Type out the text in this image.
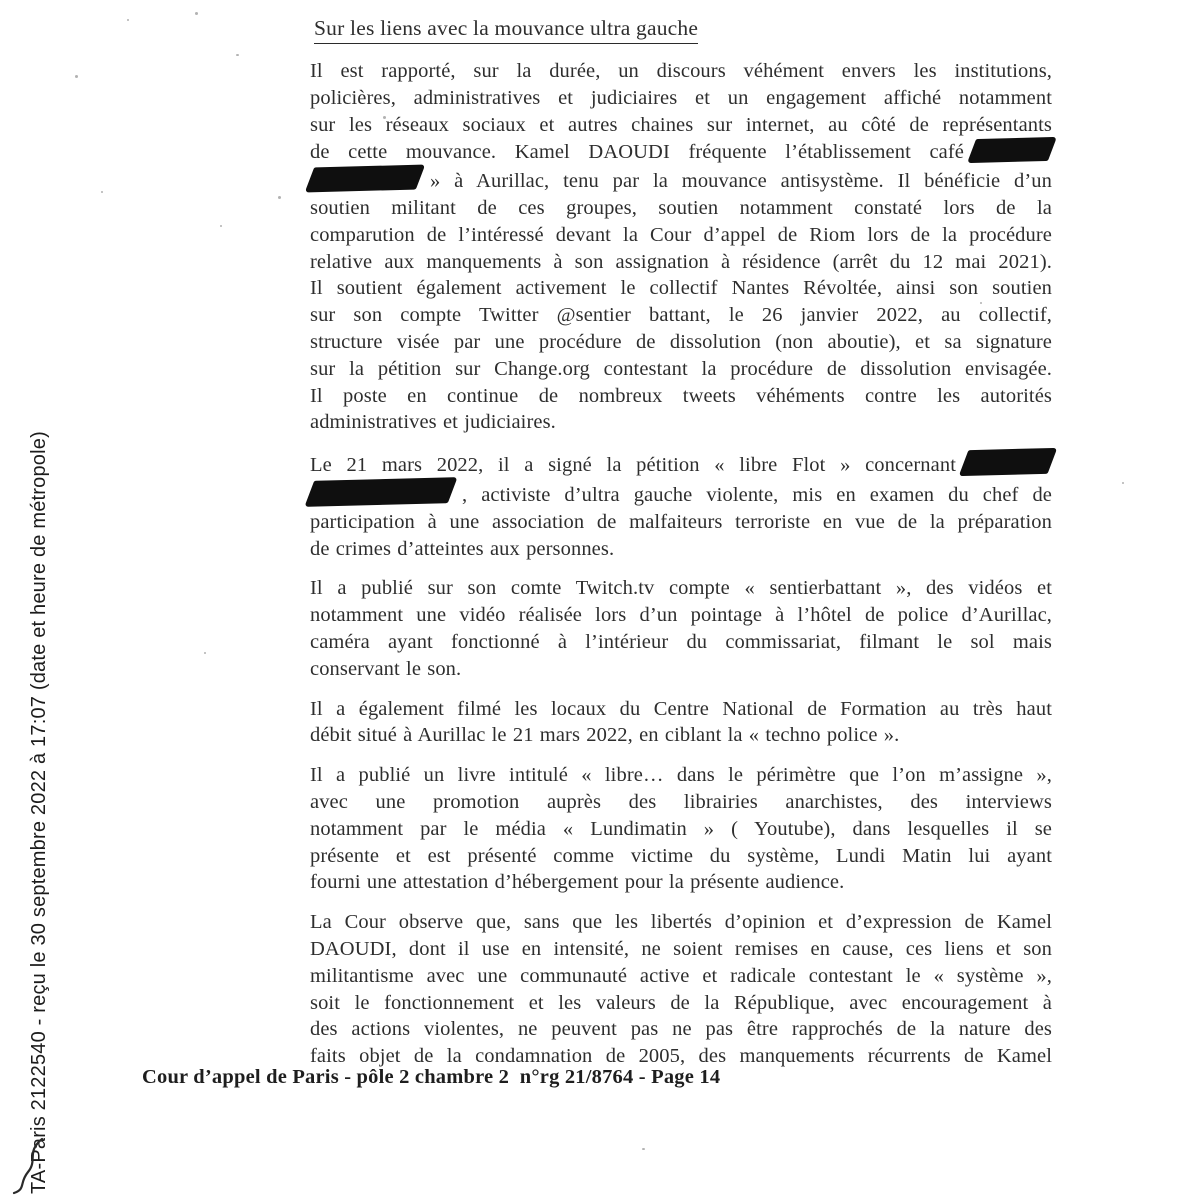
TA-Paris 2122540 - reçu le 30 septembre 2022 à 17:07 (date et heure de métropole)
Sur les liens avec la mouvance ultra gauche
Il est rapporté, sur la durée, un discours véhément envers les institutions,
policières, administratives et judiciaires et un engagement affiché notamment
sur les réseaux sociaux et autres chaines sur internet, au côté de représentants
de cette mouvance. Kamel DAOUDI fréquente l’établissement café
» à Aurillac, tenu par la mouvance antisystème. Il bénéficie d’un
soutien militant de ces groupes, soutien notamment constaté lors de la
comparution de l’intéressé devant la Cour d’appel de Riom lors de la procédure
relative aux manquements à son assignation à résidence (arrêt du 12 mai 2021).
Il soutient également activement le collectif Nantes Révoltée, ainsi son soutien
sur son compte Twitter @sentier battant, le 26 janvier 2022, au collectif,
structure visée par une procédure de dissolution (non aboutie), et sa signature
sur la pétition sur Change.org contestant la procédure de dissolution envisagée.
Il poste en continue de nombreux tweets véhéments contre les autorités
administratives et judiciaires.
Le 21 mars 2022, il a signé la pétition « libre Flot » concernant
, activiste d’ultra gauche violente, mis en examen du chef de
participation à une association de malfaiteurs terroriste en vue de la préparation
de crimes d’atteintes aux personnes.
Il a publié sur son comte Twitch.tv compte « sentierbattant », des vidéos et
notamment une vidéo réalisée lors d’un pointage à l’hôtel de police d’Aurillac,
caméra ayant fonctionné à l’intérieur du commissariat, filmant le sol mais
conservant le son.
Il a également filmé les locaux du Centre National de Formation au très haut
débit situé à Aurillac le 21 mars 2022, en ciblant la « techno police ».
Il a publié un livre intitulé « libre… dans le périmètre que l’on m’assigne »,
avec une promotion auprès des librairies anarchistes, des interviews
notamment par le média « Lundimatin » ( Youtube), dans lesquelles il se
présente et est présenté comme victime du système, Lundi Matin lui ayant
fourni une attestation d’hébergement pour la présente audience.
La Cour observe que, sans que les libertés d’opinion et d’expression de Kamel
DAOUDI, dont il use en intensité, ne soient remises en cause, ces liens et son
militantisme avec une communauté active et radicale contestant le « système »,
soit le fonctionnement et les valeurs de la République, avec encouragement à
des actions violentes, ne peuvent pas ne pas être rapprochés de la nature des
faits objet de la condamnation de 2005, des manquements récurrents de Kamel
Cour d’appel de Paris - pôle 2 chambre 2  n°rg 21/8764 - Page 14
